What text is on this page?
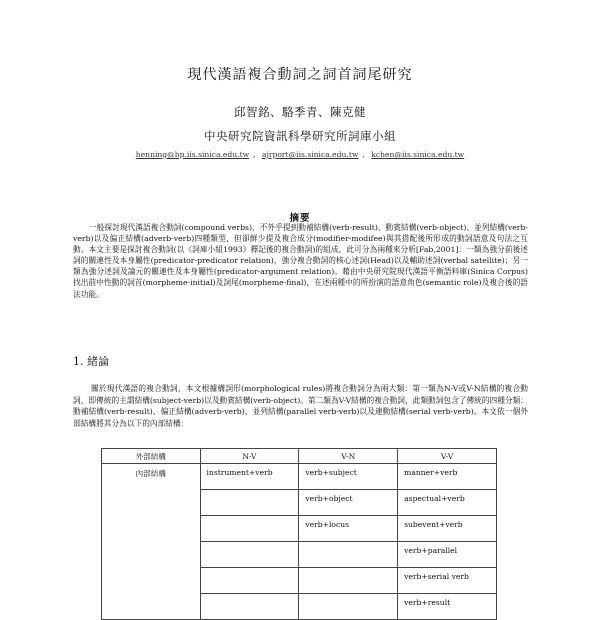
現代漢語複合動詞之詞首詞尾研究
邱智銘、駱季青、陳克健
中央研究院資訊科學研究所詞庫小組
henning@hp.iis.sinica.edu.tw , ajrport@iis.sinica.edu.tw , kchen@iis.sinica.edu.tw
摘要

一般探討現代漢語複合動詞(compound verbs)，不外乎提到動補結構(verb-result)、動賓結構(verb-object)、並列結構(verb-verb)以及偏正結構(adverb-verb)四種類型，但卻鮮少提及複合成分(modifier-modifee)與其搭配後所形成的動詞語意及句法之互動。本文主要是探討複合動詞(以《詞庫小組1993》釋記後的複合動詞)的組成，此可分為兩種來分析[Fab,2001]：一類為強分前後述詞的關連性及本身屬性(predicator-predicator relation)，強分複合動詞的核心述詞(Head)以及輔助述詞(verbal satellite)；另一類為強分述詞及論元的關連性及本身屬性(predicator-argument relation)。藉由中央研究院現代漢語平衡語料庫(Sinica Corpus)找出前中性動的詞首(morpheme-initial)及詞尾(morpheme-final)，在述兩種中的所扮演的語意角色(semantic role)及複合後的語法功能。

1. 緒論

關於現代漢語的複合動詞，本文根據構詞形(morphological rules)將複合動詞分為兩大類：第一類為N-V或V-N結構的複合動詞，即傳統的主謂結構(subject-verb)以及動賓結構(verb-object)。第二類為V-V結構的複合動詞，此類動詞包含了傳統的四種分類：動補結構(verb-result)、偏正結構(adverb-verb)、並列結構(parallel verb-verb)以及連動結構(serial verb-verb)。本文依一個外部結構將其分為以下的內部結構：

外部結構	N-V	V-N	V-V
內部結構	instrument+verb	verb+subject	manner+verb
		verb+object	aspectual+verb
		verb+locus	subevent+verb
			verb+parallel
			verb+serial verb
			verb+result
